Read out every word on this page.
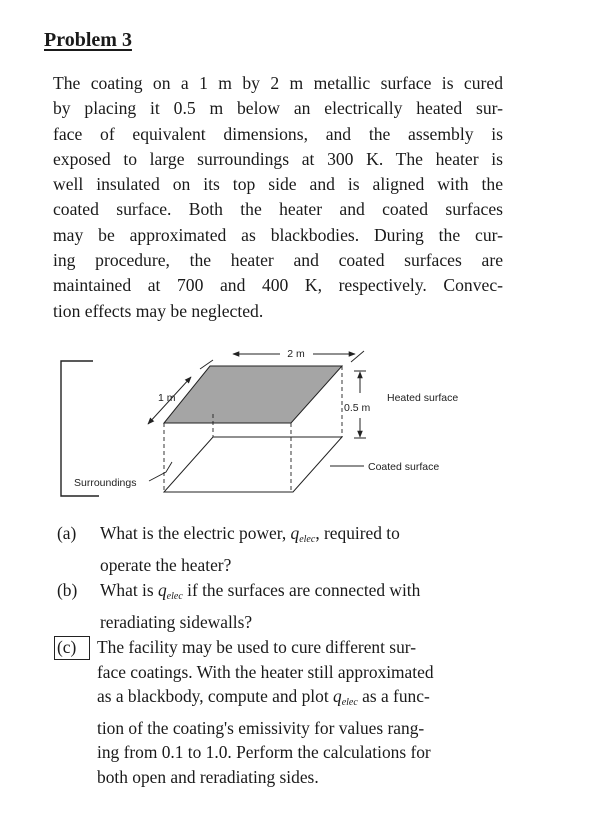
Problem 3
The coating on a 1 m by 2 m metallic surface is cured
by placing it 0.5 m below an electrically heated sur-
face of equivalent dimensions, and the assembly is
exposed to large surroundings at 300 K. The heater is
well insulated on its top side and is aligned with the
coated surface. Both the heater and coated surfaces
may be approximated as blackbodies. During the cur-
ing procedure, the heater and coated surfaces are
maintained at 700 and 400 K, respectively. Convec-
tion effects may be neglected.
2 m
1 m
0.5 m
Heated surface
Coated surface
Surroundings
(a) What is the electric power, $q_{elec}$, required to
operate the heater?
(b) What is $q_{elec}$ if the surfaces are connected with
reradiating sidewalls?
(c) The facility may be used to cure different sur-
face coatings. With the heater still approximated
as a blackbody, compute and plot $q_{elec}$ as a func-
tion of the coating's emissivity for values rang-
ing from 0.1 to 1.0. Perform the calculations for
both open and reradiating sides.
